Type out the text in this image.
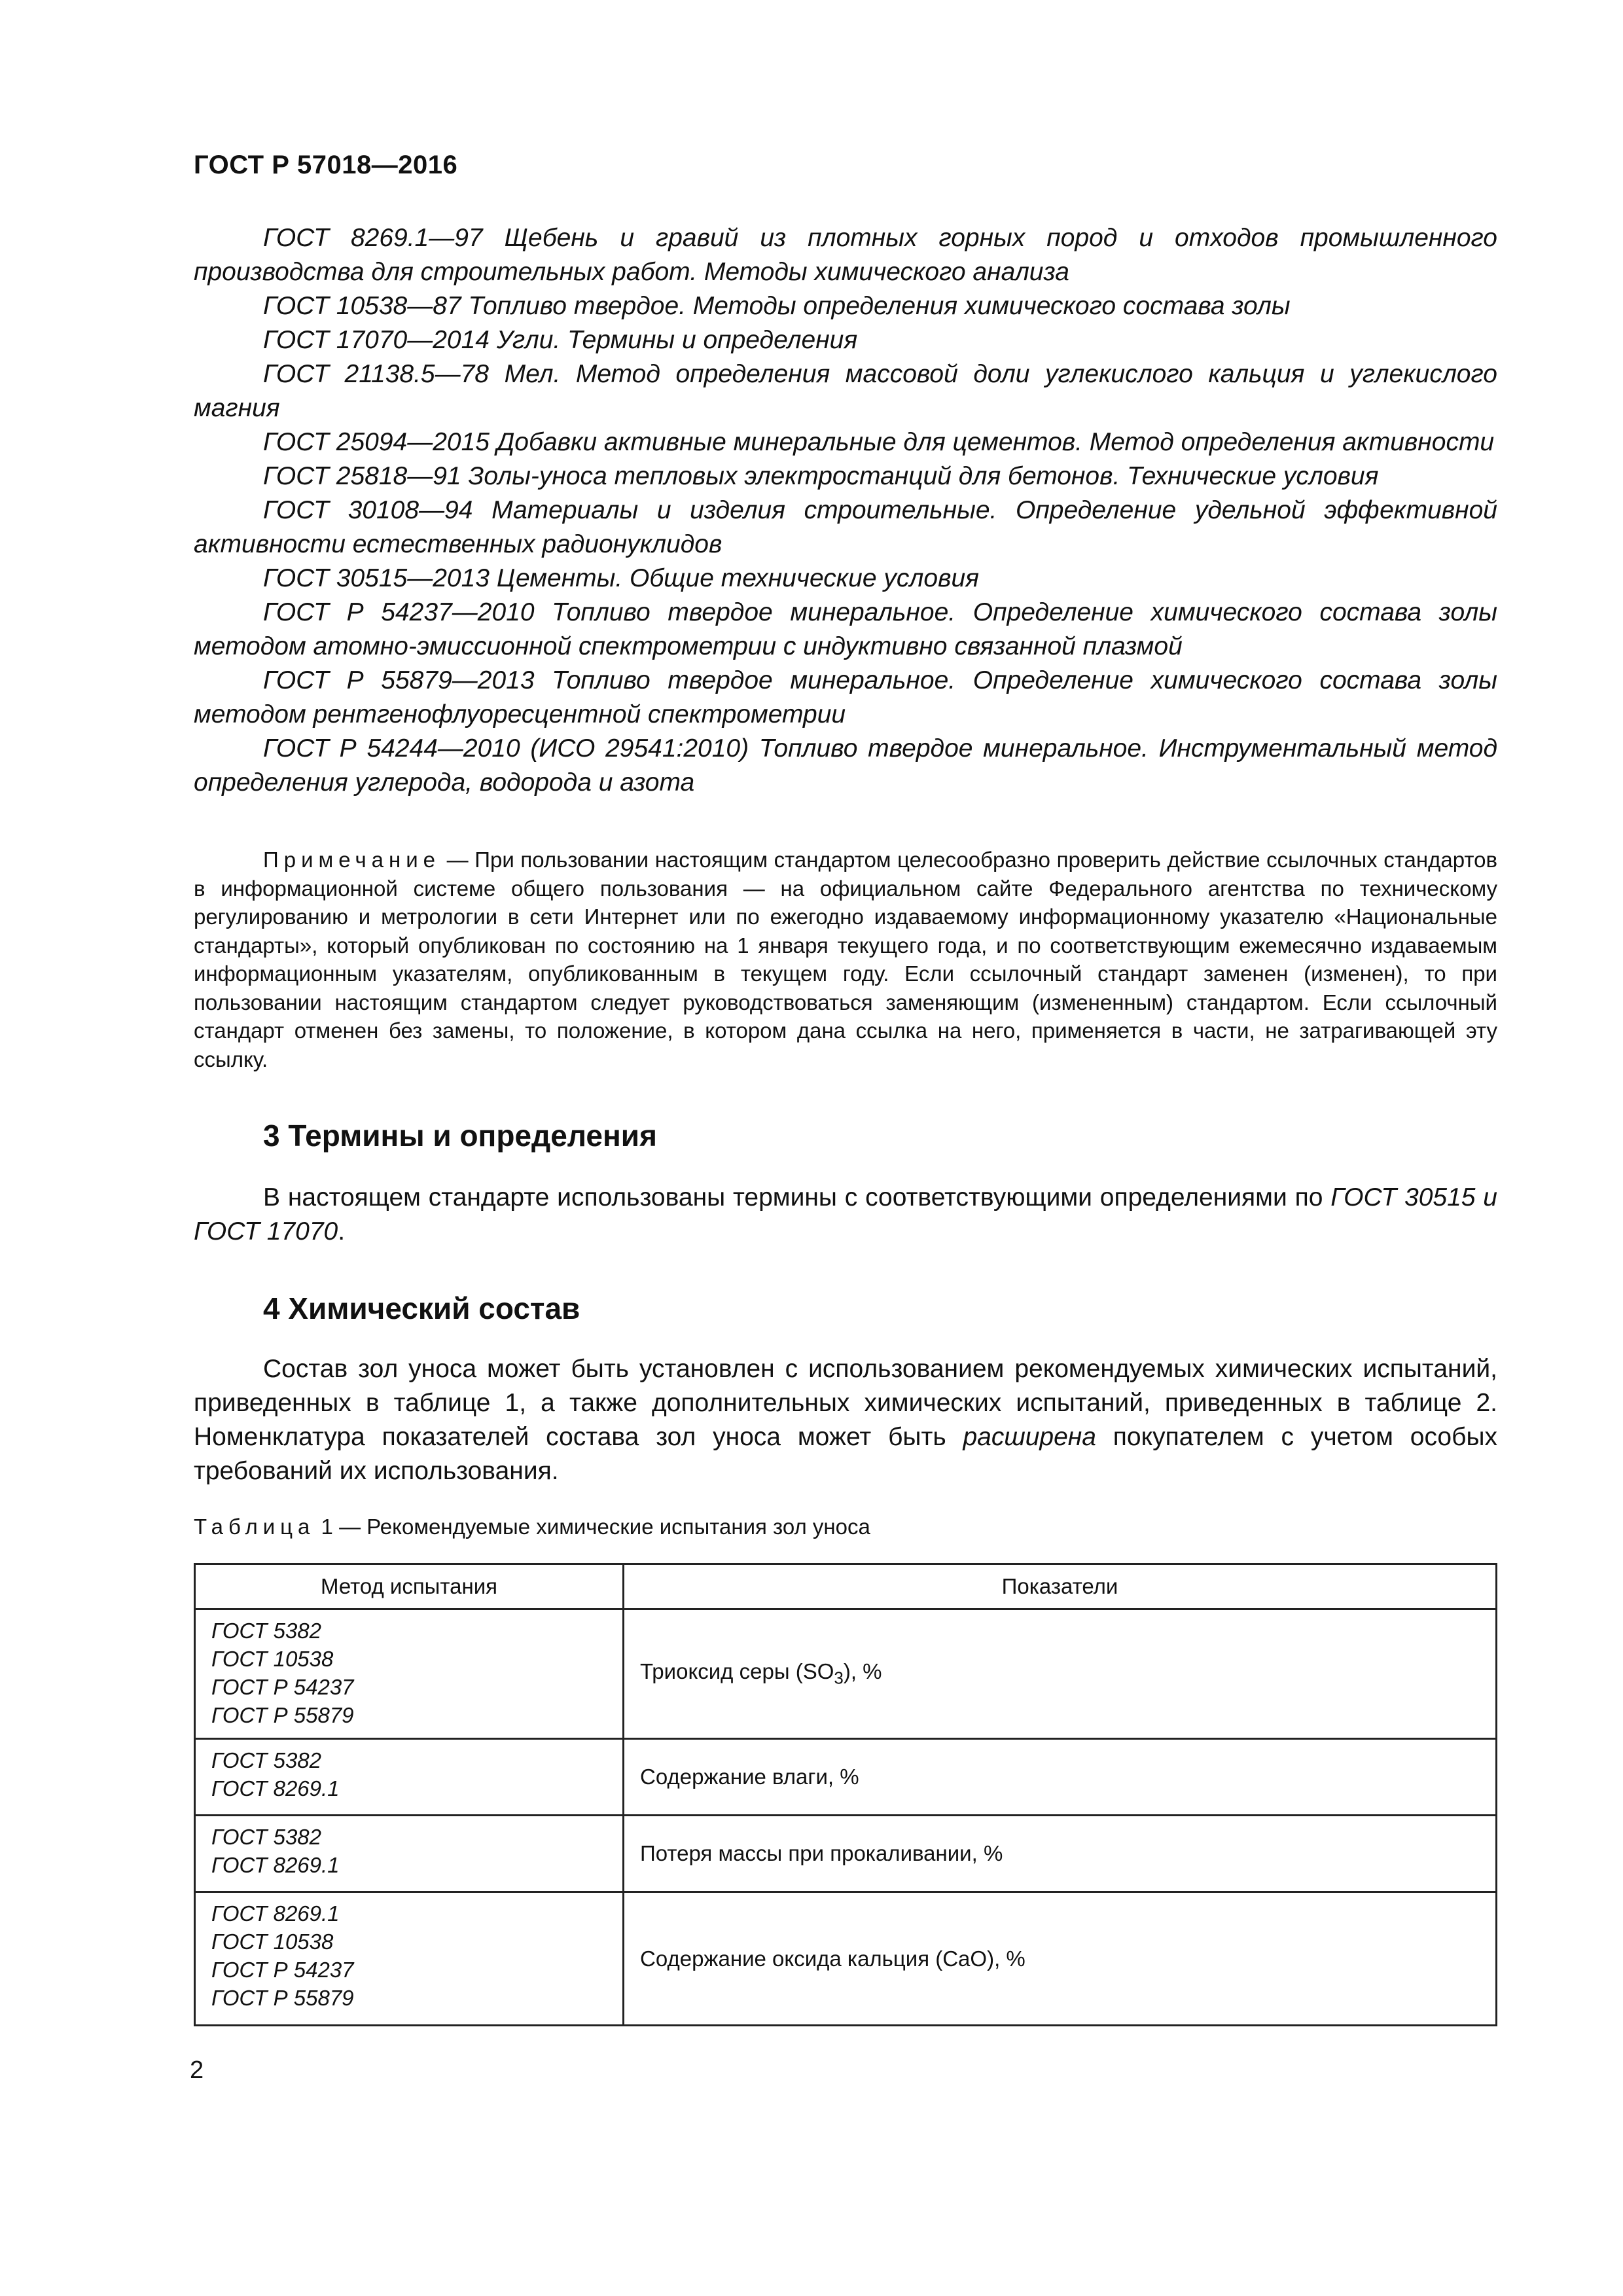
ГОСТ Р 57018—2016

ГОСТ 8269.1—97 Щебень и гравий из плотных горных пород и отходов промышленного производства для строительных работ. Методы химического анализа

ГОСТ 10538—87 Топливо твердое. Методы определения химического состава золы

ГОСТ 17070—2014 Угли. Термины и определения

ГОСТ 21138.5—78 Мел. Метод определения массовой доли углекислого кальция и углекислого магния

ГОСТ 25094—2015 Добавки активные минеральные для цементов. Метод определения активности

ГОСТ 25818—91 Золы-уноса тепловых электростанций для бетонов. Технические условия

ГОСТ 30108—94 Материалы и изделия строительные. Определение удельной эффективной активности естественных радионуклидов

ГОСТ 30515—2013 Цементы. Общие технические условия

ГОСТ Р 54237—2010 Топливо твердое минеральное. Определение химического состава золы методом атомно-эмиссионной спектрометрии с индуктивно связанной плазмой

ГОСТ Р 55879—2013 Топливо твердое минеральное. Определение химического состава золы методом рентгенофлуоресцентной спектрометрии

ГОСТ Р 54244—2010 (ИСО 29541:2010) Топливо твердое минеральное. Инструментальный метод определения углерода, водорода и азота

Примечание — При пользовании настоящим стандартом целесообразно проверить действие ссылочных стандартов в информационной системе общего пользования — на официальном сайте Федерального агентства по техническому регулированию и метрологии в сети Интернет или по ежегодно издаваемому информационному указателю «Национальные стандарты», который опубликован по состоянию на 1 января текущего года, и по соответствующим ежемесячно издаваемым информационным указателям, опубликованным в текущем году. Если ссылочный стандарт заменен (изменен), то при пользовании настоящим стандартом следует руководствоваться заменяющим (измененным) стандартом. Если ссылочный стандарт отменен без замены, то положение, в котором дана ссылка на него, применяется в части, не затрагивающей эту ссылку.

3 Термины и определения

В настоящем стандарте использованы термины с соответствующими определениями по ГОСТ 30515 и ГОСТ 17070.

4 Химический состав

Состав зол уноса может быть установлен с использованием рекомендуемых химических испытаний, приведенных в таблице 1, а также дополнительных химических испытаний, приведенных в таблице 2. Номенклатура показателей состава зол уноса может быть расширена покупателем с учетом особых требований их использования.

Таблица 1 — Рекомендуемые химические испытания зол уноса
Метод испытания	Показатели

ГОСТ 5382
ГОСТ 10538
ГОСТ Р 54237
ГОСТ Р 55879	Триоксид серы $(SO_3)$, %

ГОСТ 5382
ГОСТ 8269.1	Содержание влаги, %

ГОСТ 5382
ГОСТ 8269.1	Потеря массы при прокаливании, %

ГОСТ 8269.1
ГОСТ 10538
ГОСТ Р 54237
ГОСТ Р 55879	Содержание оксида кальция (CaO), %
2
